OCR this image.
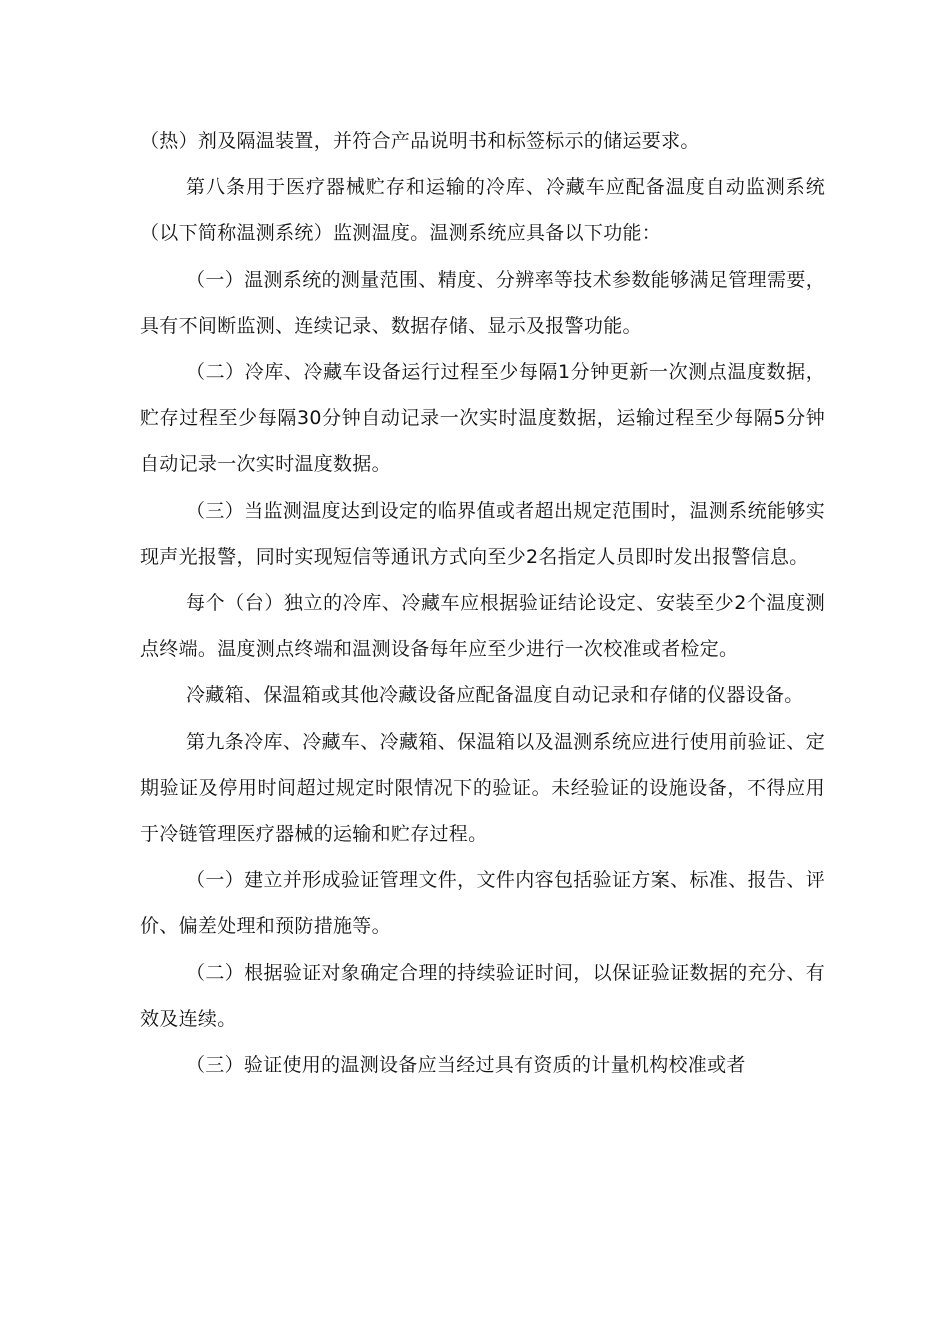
（热）剂及隔温装置，并符合产品说明书和标签标示的储运要求。

第八条用于医疗器械贮存和运输的冷库、冷藏车应配备温度自动监测系统（以下简称温测系统）监测温度。温测系统应具备以下功能：

（一）温测系统的测量范围、精度、分辨率等技术参数能够满足管理需要，具有不间断监测、连续记录、数据存储、显示及报警功能。

（二）冷库、冷藏车设备运行过程至少每隔1分钟更新一次测点温度数据，贮存过程至少每隔30分钟自动记录一次实时温度数据，运输过程至少每隔5分钟自动记录一次实时温度数据。

（三）当监测温度达到设定的临界值或者超出规定范围时，温测系统能够实现声光报警，同时实现短信等通讯方式向至少2名指定人员即时发出报警信息。

每个（台）独立的冷库、冷藏车应根据验证结论设定、安装至少2个温度测点终端。温度测点终端和温测设备每年应至少进行一次校准或者检定。

冷藏箱、保温箱或其他冷藏设备应配备温度自动记录和存储的仪器设备。

第九条冷库、冷藏车、冷藏箱、保温箱以及温测系统应进行使用前验证、定期验证及停用时间超过规定时限情况下的验证。未经验证的设施设备，不得应用于冷链管理医疗器械的运输和贮存过程。

（一）建立并形成验证管理文件，文件内容包括验证方案、标准、报告、评价、偏差处理和预防措施等。

（二）根据验证对象确定合理的持续验证时间，以保证验证数据的充分、有效及连续。

（三）验证使用的温测设备应当经过具有资质的计量机构校准或者
